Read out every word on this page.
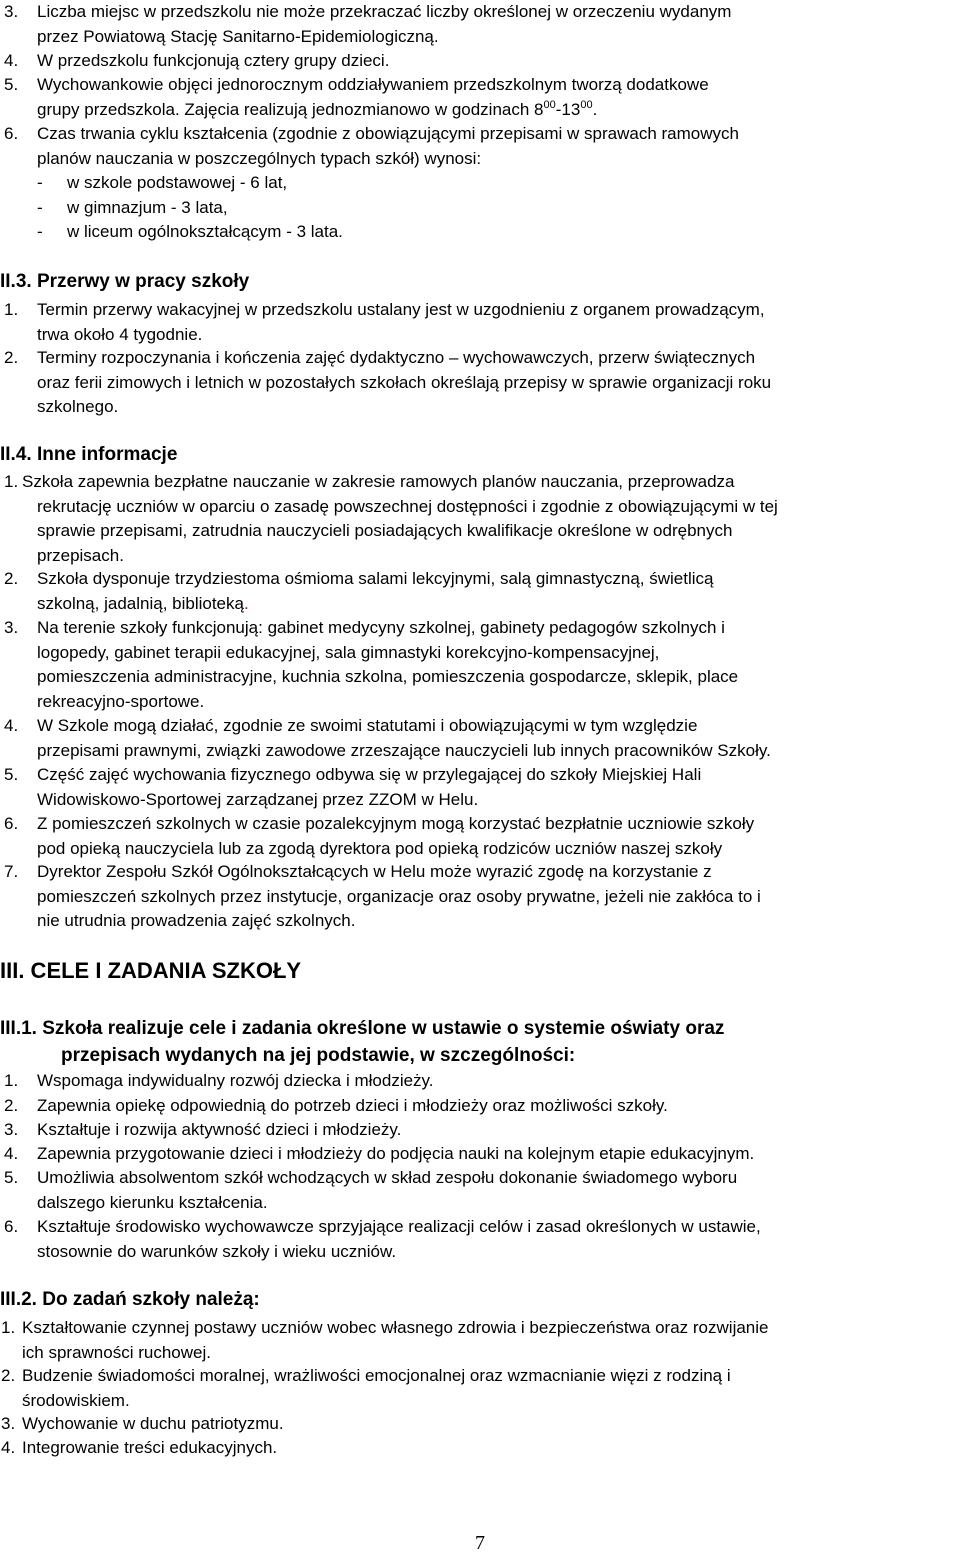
3. Liczba miejsc w przedszkolu nie może przekraczać liczby określonej w orzeczeniu wydanym
przez Powiatową Stację Sanitarno-Epidemiologiczną.
4. W przedszkolu funkcjonują cztery grupy dzieci.
5. Wychowankowie objęci jednorocznym oddziaływaniem przedszkolnym tworzą dodatkowe
grupy przedszkola. Zajęcia realizują jednozmianowo w godzinach $8^{00}-13^{00}$.
6. Czas trwania cyklu kształcenia (zgodnie z obowiązującymi przepisami w sprawach ramowych
planów nauczania w poszczególnych typach szkół) wynosi:
- w szkole podstawowej - 6 lat,
- w gimnazjum - 3 lata,
- w liceum ogólnokształcącym - 3 lata.
II.3. Przerwy w pracy szkoły
1. Termin przerwy wakacyjnej w przedszkolu ustalany jest w uzgodnieniu z organem prowadzącym,
trwa około 4 tygodnie.
2. Terminy rozpoczynania i kończenia zajęć dydaktyczno – wychowawczych, przerw świątecznych
oraz ferii zimowych i letnich w pozostałych szkołach określają przepisy w sprawie organizacji roku
szkolnego.
II.4. Inne informacje
1. Szkoła zapewnia bezpłatne nauczanie w zakresie ramowych planów nauczania, przeprowadza
rekrutację uczniów w oparciu o zasadę powszechnej dostępności i zgodnie z obowiązującymi w tej
sprawie przepisami, zatrudnia nauczycieli posiadających kwalifikacje określone w odrębnych
przepisach.
2. Szkoła dysponuje trzydziestoma ośmioma salami lekcyjnymi, salą gimnastyczną, świetlicą
szkolną, jadalnią, biblioteką.
3. Na terenie szkoły funkcjonują: gabinet medycyny szkolnej, gabinety pedagogów szkolnych i
logopedy, gabinet terapii edukacyjnej, sala gimnastyki korekcyjno-kompensacyjnej,
pomieszczenia administracyjne, kuchnia szkolna, pomieszczenia gospodarcze, sklepik, place
rekreacyjno-sportowe.
4. W Szkole mogą działać, zgodnie ze swoimi statutami i obowiązującymi w tym względzie
przepisami prawnymi, związki zawodowe zrzeszające nauczycieli lub innych pracowników Szkoły.
5. Część zajęć wychowania fizycznego odbywa się w przylegającej do szkoły Miejskiej Hali
Widowiskowo-Sportowej zarządzanej przez ZZOM w Helu.
6. Z pomieszczeń szkolnych w czasie pozalekcyjnym mogą korzystać bezpłatnie uczniowie szkoły
pod opieką nauczyciela lub za zgodą dyrektora pod opieką rodziców uczniów naszej szkoły
7. Dyrektor Zespołu Szkół Ogólnokształcących w Helu może wyrazić zgodę na korzystanie z
pomieszczeń szkolnych przez instytucje, organizacje oraz osoby prywatne, jeżeli nie zakłóca to i
nie utrudnia prowadzenia zajęć szkolnych.
III. CELE I ZADANIA SZKOŁY
III.1. Szkoła realizuje cele i zadania określone w ustawie o systemie oświaty oraz
przepisach wydanych na jej podstawie, w szczególności:
1. Wspomaga indywidualny rozwój dziecka i młodzieży.
2. Zapewnia opiekę odpowiednią do potrzeb dzieci i młodzieży oraz możliwości szkoły.
3. Kształtuje i rozwija aktywność dzieci i młodzieży.
4. Zapewnia przygotowanie dzieci i młodzieży do podjęcia nauki na kolejnym etapie edukacyjnym.
5. Umożliwia absolwentom szkół wchodzących w skład zespołu dokonanie świadomego wyboru
dalszego kierunku kształcenia.
6. Kształtuje środowisko wychowawcze sprzyjające realizacji celów i zasad określonych w ustawie,
stosownie do warunków szkoły i wieku uczniów.
III.2. Do zadań szkoły należą:
1. Kształtowanie czynnej postawy uczniów wobec własnego zdrowia i bezpieczeństwa oraz rozwijanie
ich sprawności ruchowej.
2. Budzenie świadomości moralnej, wrażliwości emocjonalnej oraz wzmacnianie więzi z rodziną i
środowiskiem.
3. Wychowanie w duchu patriotyzmu.
4. Integrowanie treści edukacyjnych.
7
